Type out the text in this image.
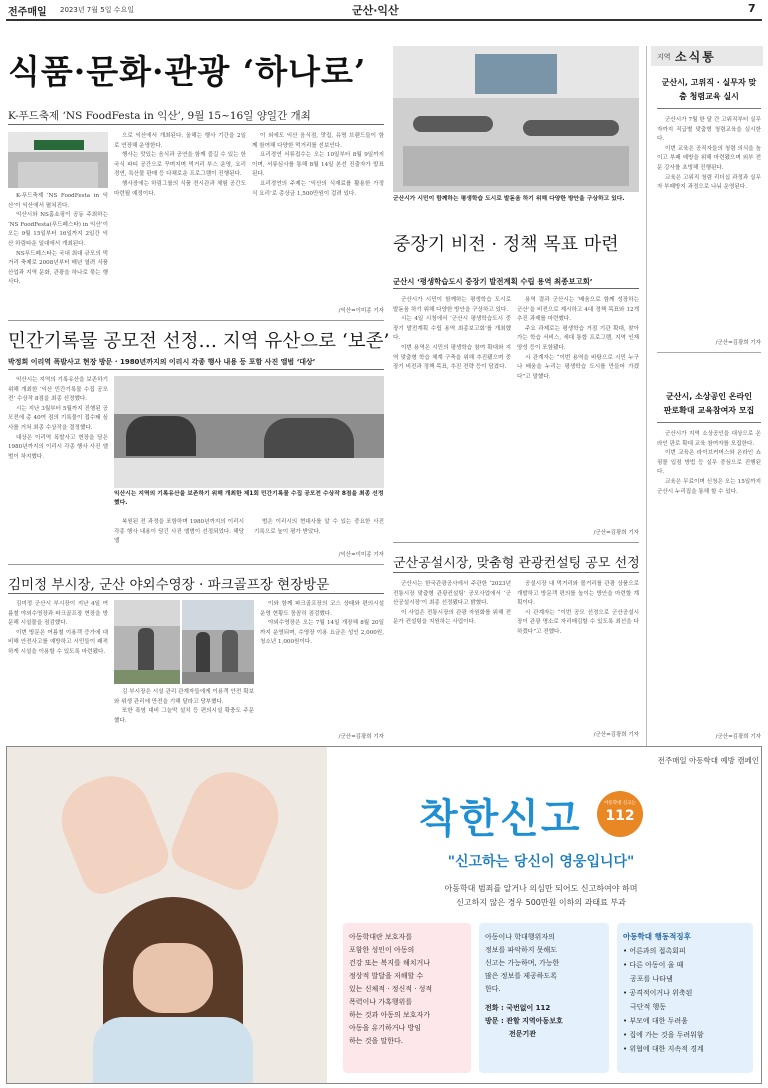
전주매일 2023년 7월 5일 수요일	군산·익산	7
식품·문화·관광 ‘하나로’
K-푸드축제 ‘NS FoodFesta in 익산’, 9월 15~16일 양일간 개최

K-푸드축제 ‘NS FoodFesta in 익산’이 익산에서 펼쳐진다.

익산시와 NS홈쇼핑이 공동 주최하는 ‘NS FoodFesta(푸드페스타) in 익산’이 오는 9월 15일부터 16일까지 2일간 익산 하림타운 일대에서 개최된다.

NS푸드페스타는 국내 최대 규모의 먹거리 축제로 2008년부터 매년 열려 식품 산업과 지역 문화, 관광을 하나로 묶는 행사다.

으로 익산에서 개최된다. 올해는 행사 기간을 2일로 연장해 운영한다.

행사는 맛있는 음식과 공연을 함께 즐길 수 있는 한국식 파티 공간으로 꾸며지며 먹거리 부스 운영, 요리경연, 특산물 판매 등 다채로운 프로그램이 진행된다.

행사장에는 하림그룹의 식품 전시관과 체험 공간도 마련될 예정이다.

이 외에도 익산 음식점, 맛집, 유명 브랜드들이 함께 참여해 다양한 먹거리를 선보인다.

요리경연 서류접수는 오는 10일부터 8월 9일까지이며, 서류심사를 통해 8월 14일 본선 진출자가 발표된다.

요리경연의 주제는 ‘익산의 식재료를 활용한 가정식 요리’로 총상금 1,500만원이 걸려 있다.

/익산=이미종 기자
민간기록물 공모전 선정… 지역 유산으로 ‘보존’
박정희 이리역 폭발사고 현장 방문 · 1980년까지의 이리시 각종 행사 내용 등 포함 사진 앨범 ‘대상’

익산시는 지역의 기록유산을 보존하기 위해 개최한 ‘익산 민간기록물 수집 공모전’ 수상작 8점을 최종 선정했다.

시는 지난 3월부터 5월까지 진행된 공모전에 총 40여 점의 기록물이 접수돼 심사를 거쳐 최종 수상작을 결정했다.

대상은 이리역 폭발사고 현장을 담은 1980년까지의 이리시 각종 행사 사진 앨범이 차지했다.

익산시는 지역의 기록유산을 보존하기 위해 개최한 제1회 민간기록물 수집 공모전 수상작 8점을 최종 선정했다.

복원된 전 과정을 포함하며 1980년까지의 이리시 각종 행사 내용이 담긴 사진 앨범이 선정되었다. 해당 앨

범은 이리시의 현대사를 알 수 있는 중요한 사진 기록으로 높이 평가 받았다.

/익산=이미종 기자
김미정 부시장, 군산 야외수영장 · 파크골프장 현장방문

김미정 군산시 부시장이 지난 4일 여름철 야외수영장과 파크골프장 현장을 방문해 시설물을 점검했다.

이번 방문은 여름철 이용객 증가에 대비해 안전사고를 예방하고 시민들이 쾌적하게 시설을 이용할 수 있도록 마련됐다.

김 부시장은 시설 관리 관계자들에게 이용객 안전 확보와 위생 관리에 만전을 기해 달라고 당부했다.

또한 폭염 대비 그늘막 설치 등 편의시설 확충도 주문했다.

이와 함께 파크골프장의 코스 상태와 편의시설 운영 현황도 꼼꼼히 점검했다.

야외수영장은 오는 7월 14일 개장해 8월 20일까지 운영되며, 수영장 이용 요금은 성인 2,000원, 청소년 1,000원이다.

/군산=김광희 기자
군산시가 시민이 함께하는 평생학습 도시로 발돋움 하기 위해 다양한 방안을 구상하고 있다.
중장기 비전 · 정책 목표 마련
군산시 ‘평생학습도시 중장기 발전계획 수립 용역 최종보고회’

군산시가 시민이 함께하는 평생학습 도시로 발돋움 하기 위해 다양한 방안을 구상하고 있다.

시는 4일 시청에서 ‘군산시 평생학습도시 중장기 발전계획 수립 용역 최종보고회’를 개최했다.

이번 용역은 시민의 평생학습 참여 확대와 지역 맞춤형 학습 체계 구축을 위해 추진됐으며 중장기 비전과 정책 목표, 추진 전략 등이 담겼다.

용역 결과 군산시는 ‘배움으로 함께 성장하는 군산’을 비전으로 제시하고 4대 정책 목표와 12개 추진 과제를 마련했다.

주요 과제로는 평생학습 거점 기관 확대, 찾아가는 학습 서비스, 세대 통합 프로그램, 지역 인재 양성 등이 포함됐다.

시 관계자는 “이번 용역을 바탕으로 시민 누구나 배움을 누리는 평생학습 도시를 만들어 가겠다”고 말했다.

/군산=김광희 기자
군산공설시장, 맞춤형 관광컨설팅 공모 선정

군산시는 한국관광공사에서 주관한 ‘2023년 전통시장 맞춤형 관광컨설팅’ 공모사업에서 ‘군산공설시장’이 최종 선정됐다고 밝혔다.

이 사업은 전통시장의 관광 자원화를 위해 전문가 컨설팅을 지원하는 사업이다.

공설시장 내 먹거리와 볼거리를 관광 상품으로 개발하고 방문객 편의를 높이는 방안을 마련할 계획이다.

시 관계자는 “이번 공모 선정으로 군산공설시장이 관광 명소로 자리매김할 수 있도록 최선을 다하겠다”고 전했다.

/군산=김광희 기자
지역 소식통
군산시, 고위직 · 실무자 맞춤 청렴교육 실시

군산시가 7월 한 달 간 고위직부터 실무자까지 직급별 맞춤형 청렴교육을 실시한다.

이번 교육은 공직자들의 청렴 의식을 높이고 부패 예방을 위해 마련됐으며 외부 전문 강사를 초빙해 진행된다.

교육은 고위직 청렴 리더십 과정과 실무자 부패방지 과정으로 나눠 운영된다.

/군산=김광희 기자
군산시, 소상공인 온라인 판로확대 교육참여자 모집

군산시가 지역 소상공인을 대상으로 온라인 판로 확대 교육 참여자를 모집한다.

이번 교육은 라이브커머스와 온라인 쇼핑몰 입점 방법 등 실무 중심으로 진행된다.

교육은 무료이며 신청은 오는 15일까지 군산시 누리집을 통해 할 수 있다.

/군산=김광희 기자
전주매일 아동학대 예방 캠페인
착한신고	아동학대 신고는
112
"신고하는 당신이 영웅입니다"
아동학대 범죄를 알거나 의심만 되어도 신고하여야 하며
신고하지 않은 경우 500만원 이하의 과태료 부과
아동학대란 보호자를
포함한 성인이 아동의
건강 또는 복지를 해치거나
정상적 발달을 저해할 수
있는 신체적 · 정신적 · 성적
폭력이나 가혹행위를
하는 것과 아동의 보호자가
아동을 유기하거나 방임
하는 것을 말한다.
아동이나 학대행위자의
정보를 파악하지 못해도
신고는 가능하며, 가능한
많은 정보를 제공하도록
한다.
전화 : 국번없이 112
방문 : 관할 지역아동보호
전문기관
아동학대 행동적징후
• 어른과의 접촉회피
• 다른 아동이 울 때
공포를 나타냄
• 공격적이거나 위축된
극단적 행동
• 부모에 대한 두려움
• 집에 가는 것을 두려워함
• 위협에 대한 지속적 경계
